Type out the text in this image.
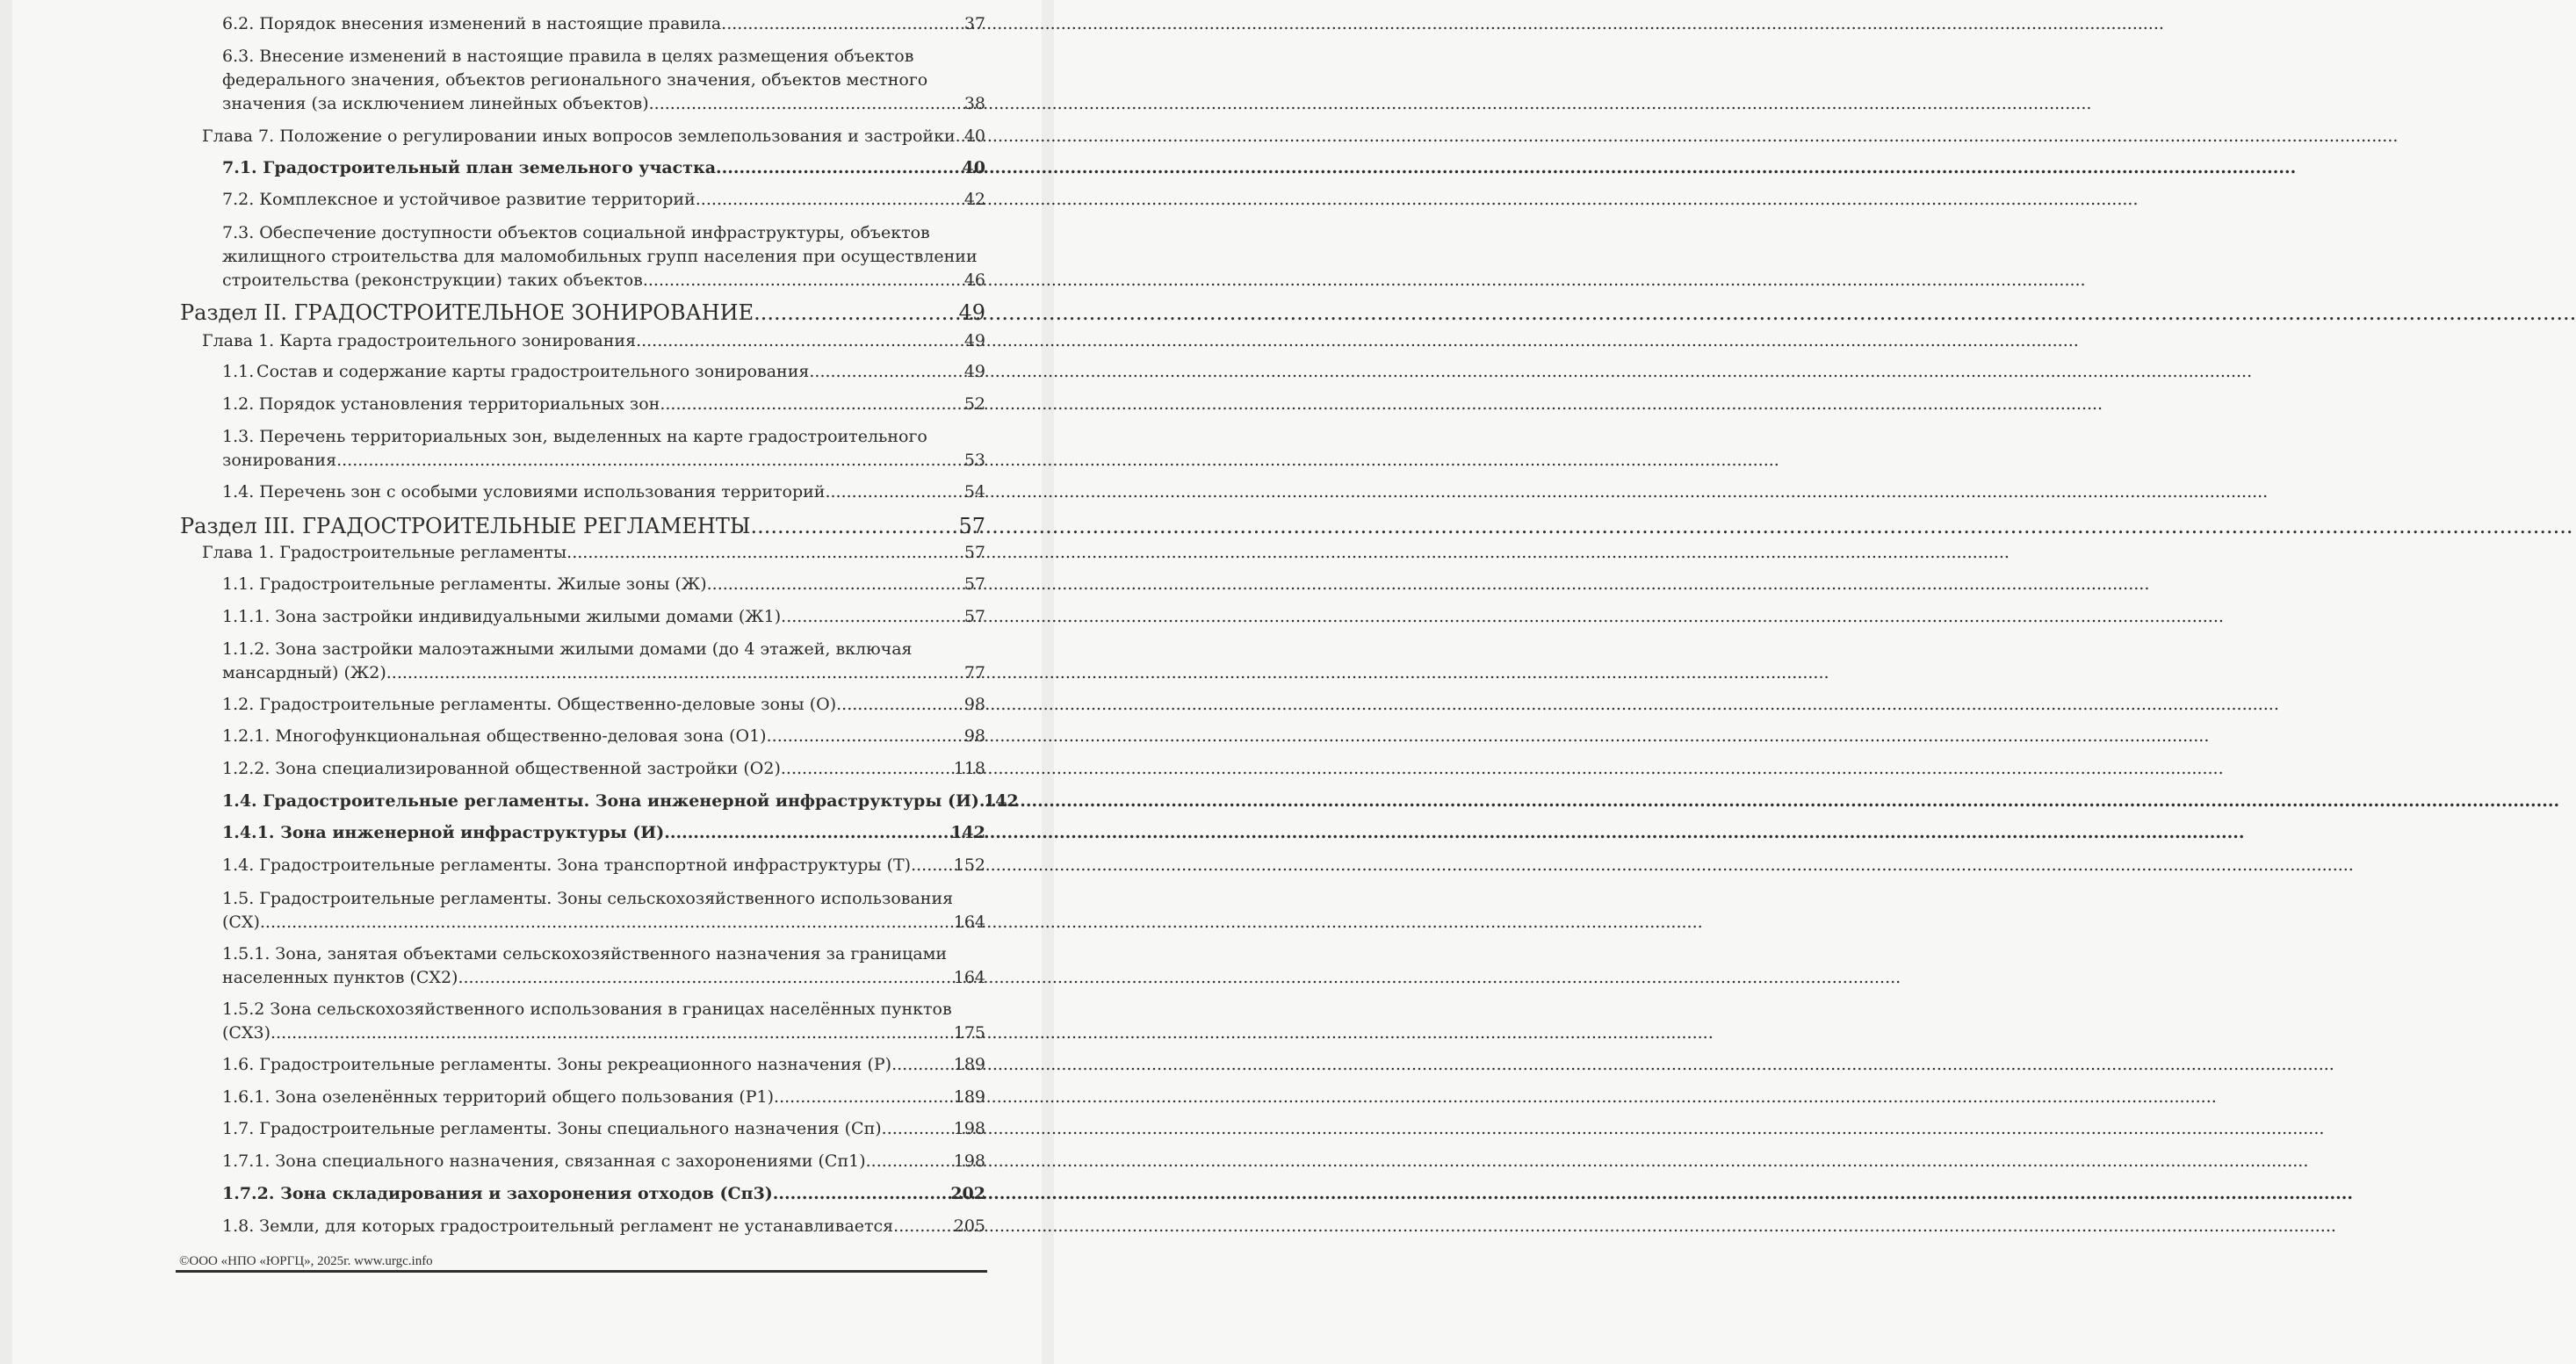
6.2. Порядок внесения изменений в настоящие правила .....	37
6.3. Внесение изменений в настоящие правила в целях размещения объектов
федерального значения, объектов регионального значения, объектов местного
значения (за исключением линейных объектов) .....	38
Глава 7. Положение о регулировании иных вопросов землепользования и застройки ..... 40
7.1. Градостроительный план земельного участка .....	40
7.2. Комплексное и устойчивое развитие территорий .....	42
7.3. Обеспечение доступности объектов социальной инфраструктуры, объектов
жилищного строительства для маломобильных групп населения при осуществлении
строительства (реконструкции) таких объектов .....	46
Раздел II. ГРАДОСТРОИТЕЛЬНОЕ ЗОНИРОВАНИЕ .....	49
Глава 1. Карта градостроительного зонирования .....	49
1.1. Состав и содержание карты градостроительного зонирования .....	49
1.2. Порядок установления территориальных зон .....	52
1.3. Перечень территориальных зон, выделенных на карте градостроительного
зонирования .....	53
1.4. Перечень зон с особыми условиями использования территорий .....	54
Раздел III. ГРАДОСТРОИТЕЛЬНЫЕ РЕГЛАМЕНТЫ .....	57
Глава 1. Градостроительные регламенты .....	57
1.1. Градостроительные регламенты. Жилые зоны (Ж) .....	57
1.1.1. Зона застройки индивидуальными жилыми домами (Ж1) .....	57
1.1.2. Зона застройки малоэтажными жилыми домами (до 4 этажей, включая
мансардный) (Ж2) .....	77
1.2. Градостроительные регламенты. Общественно-деловые зоны (О) .....	98
1.2.1. Многофункциональная общественно-деловая зона (О1) .....	98
1.2.2. Зона специализированной общественной застройки (О2) .....	118
1.4. Градостроительные регламенты. Зона инженерной инфраструктуры (И) ..... 142
1.4.1. Зона инженерной инфраструктуры (И) .....	142
1.4. Градостроительные регламенты. Зона транспортной инфраструктуры (Т) .....	152
1.5. Градостроительные регламенты. Зоны сельскохозяйственного использования
(СХ) .....	164
1.5.1. Зона, занятая объектами сельскохозяйственного назначения за границами
населенных пунктов (СХ2) .....	164
1.5.2 Зона сельскохозяйственного использования в границах населённых пунктов
(СХ3) .....	175
1.6. Градостроительные регламенты. Зоны рекреационного назначения (Р) .....	189
1.6.1. Зона озеленённых территорий общего пользования (Р1) .....	189
1.7. Градостроительные регламенты. Зоны специального назначения (Сп) .....	198
1.7.1. Зона специального назначения, связанная с захоронениями (Сп1) .....	198
1.7.2. Зона складирования и захоронения отходов (Сп3) .....	202
1.8. Земли, для которых градостроительный регламент не устанавливается .....	205
©ООО «НПО «ЮРГЦ», 2025г. www.urgc.info
